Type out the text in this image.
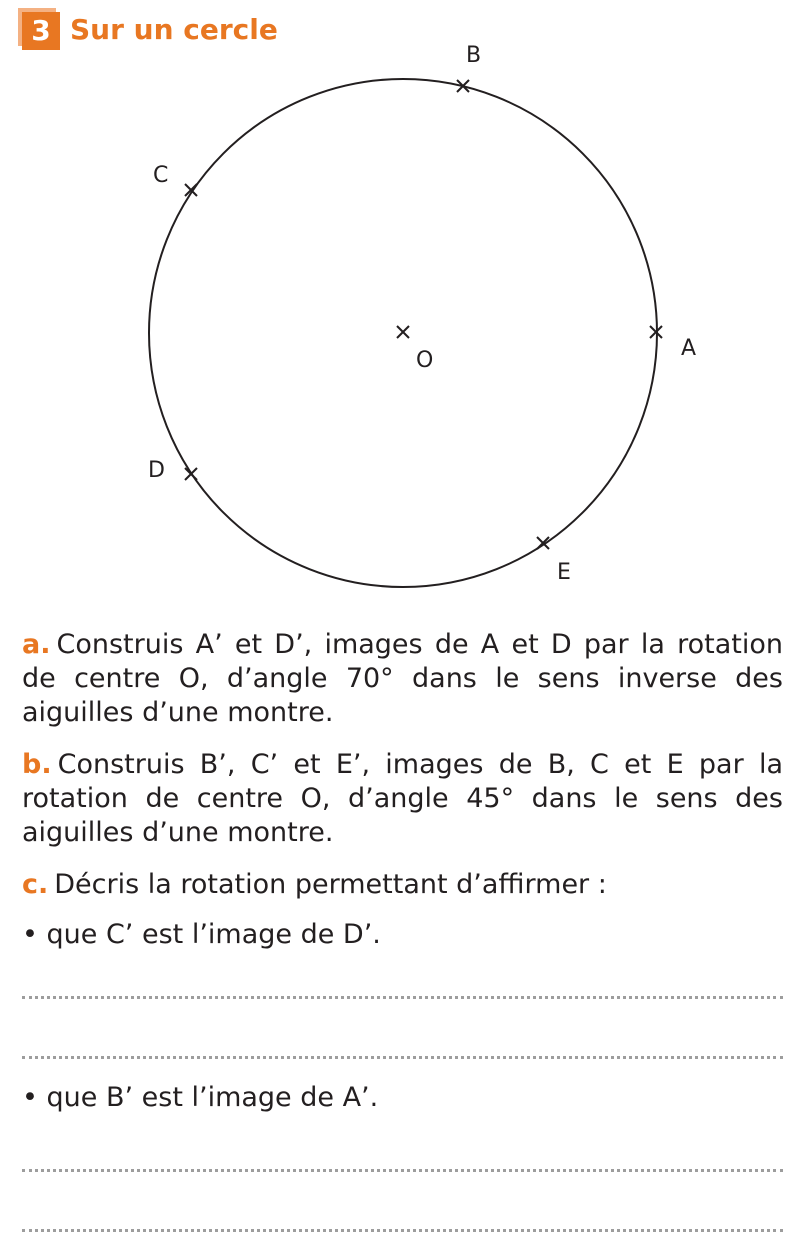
3 Sur un cercle
O	A
B
C
D
E

a. Construis A’ et D’, images de A et D par la rotation de centre O, d’angle 70° dans le sens inverse des aiguilles d’une montre.

b. Construis B’, C’ et E’, images de B, C et E par la rotation de centre O, d’angle 45° dans le sens des aiguilles d’une montre.

c. Décris la rotation permettant d’affirmer :

• que C’ est l’image de D’.

• que B’ est l’image de A’.
